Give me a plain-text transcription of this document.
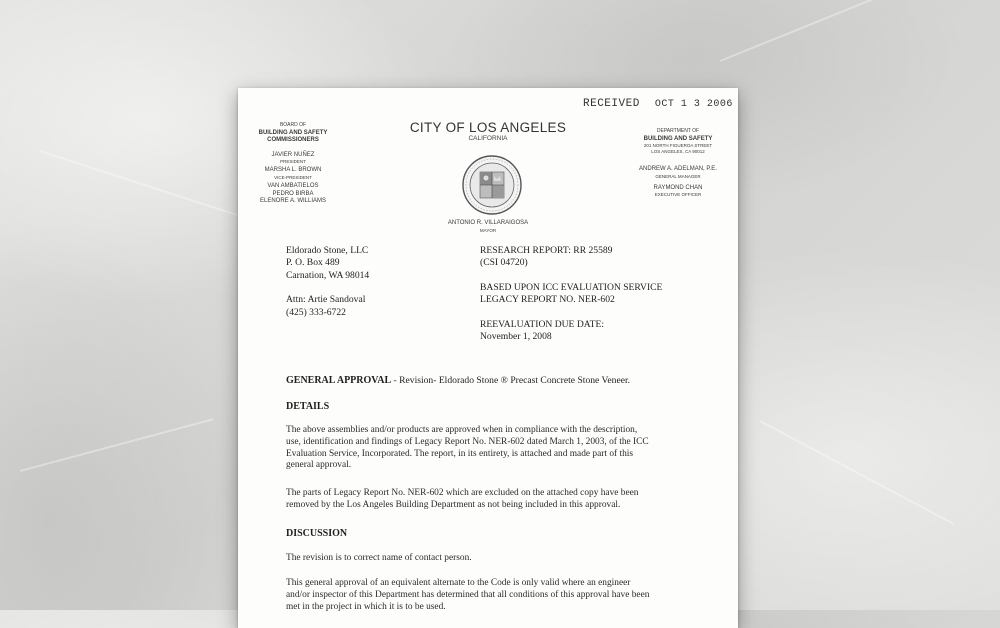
RECEIVED OCT 1 3 2006
BOARD OF
BUILDING AND SAFETY
COMMISSIONERS
JAVIER NUÑEZ
PRESIDENT
MARSHA L. BROWN
VICE-PRESIDENT
VAN AMBATIELOS
PEDRO BIRBA
ELENORE A. WILLIAMS
CITY OF LOS ANGELES
CALIFORNIA
ANTONIO R. VILLARAIGOSA
MAYOR
DEPARTMENT OF
BUILDING AND SAFETY
201 NORTH FIGUEROA STREET
LOS ANGELES, CA 90012
ANDREW A. ADELMAN, P.E.
GENERAL MANAGER
RAYMOND CHAN
EXECUTIVE OFFICER
Eldorado Stone, LLC
P. O. Box 489
Carnation, WA 98014
Attn: Artie Sandoval
(425) 333-6722
RESEARCH REPORT: RR 25589
(CSI 04720)
BASED UPON ICC EVALUATION SERVICE
LEGACY REPORT NO. NER-602
REEVALUATION DUE DATE:
November 1, 2008
GENERAL APPROVAL - Revision- Eldorado Stone ® Precast Concrete Stone Veneer.
DETAILS
The above assemblies and/or products are approved when in compliance with the description,
use, identification and findings of Legacy Report No. NER-602 dated March 1, 2003, of the ICC
Evaluation Service, Incorporated. The report, in its entirety, is attached and made part of this
general approval.
The parts of Legacy Report No. NER-602 which are excluded on the attached copy have been
removed by the Los Angeles Building Department as not being included in this approval.
DISCUSSION
The revision is to correct name of contact person.
This general approval of an equivalent alternate to the Code is only valid where an engineer
and/or inspector of this Department has determined that all conditions of this approval have been
met in the project in which it is to be used.
